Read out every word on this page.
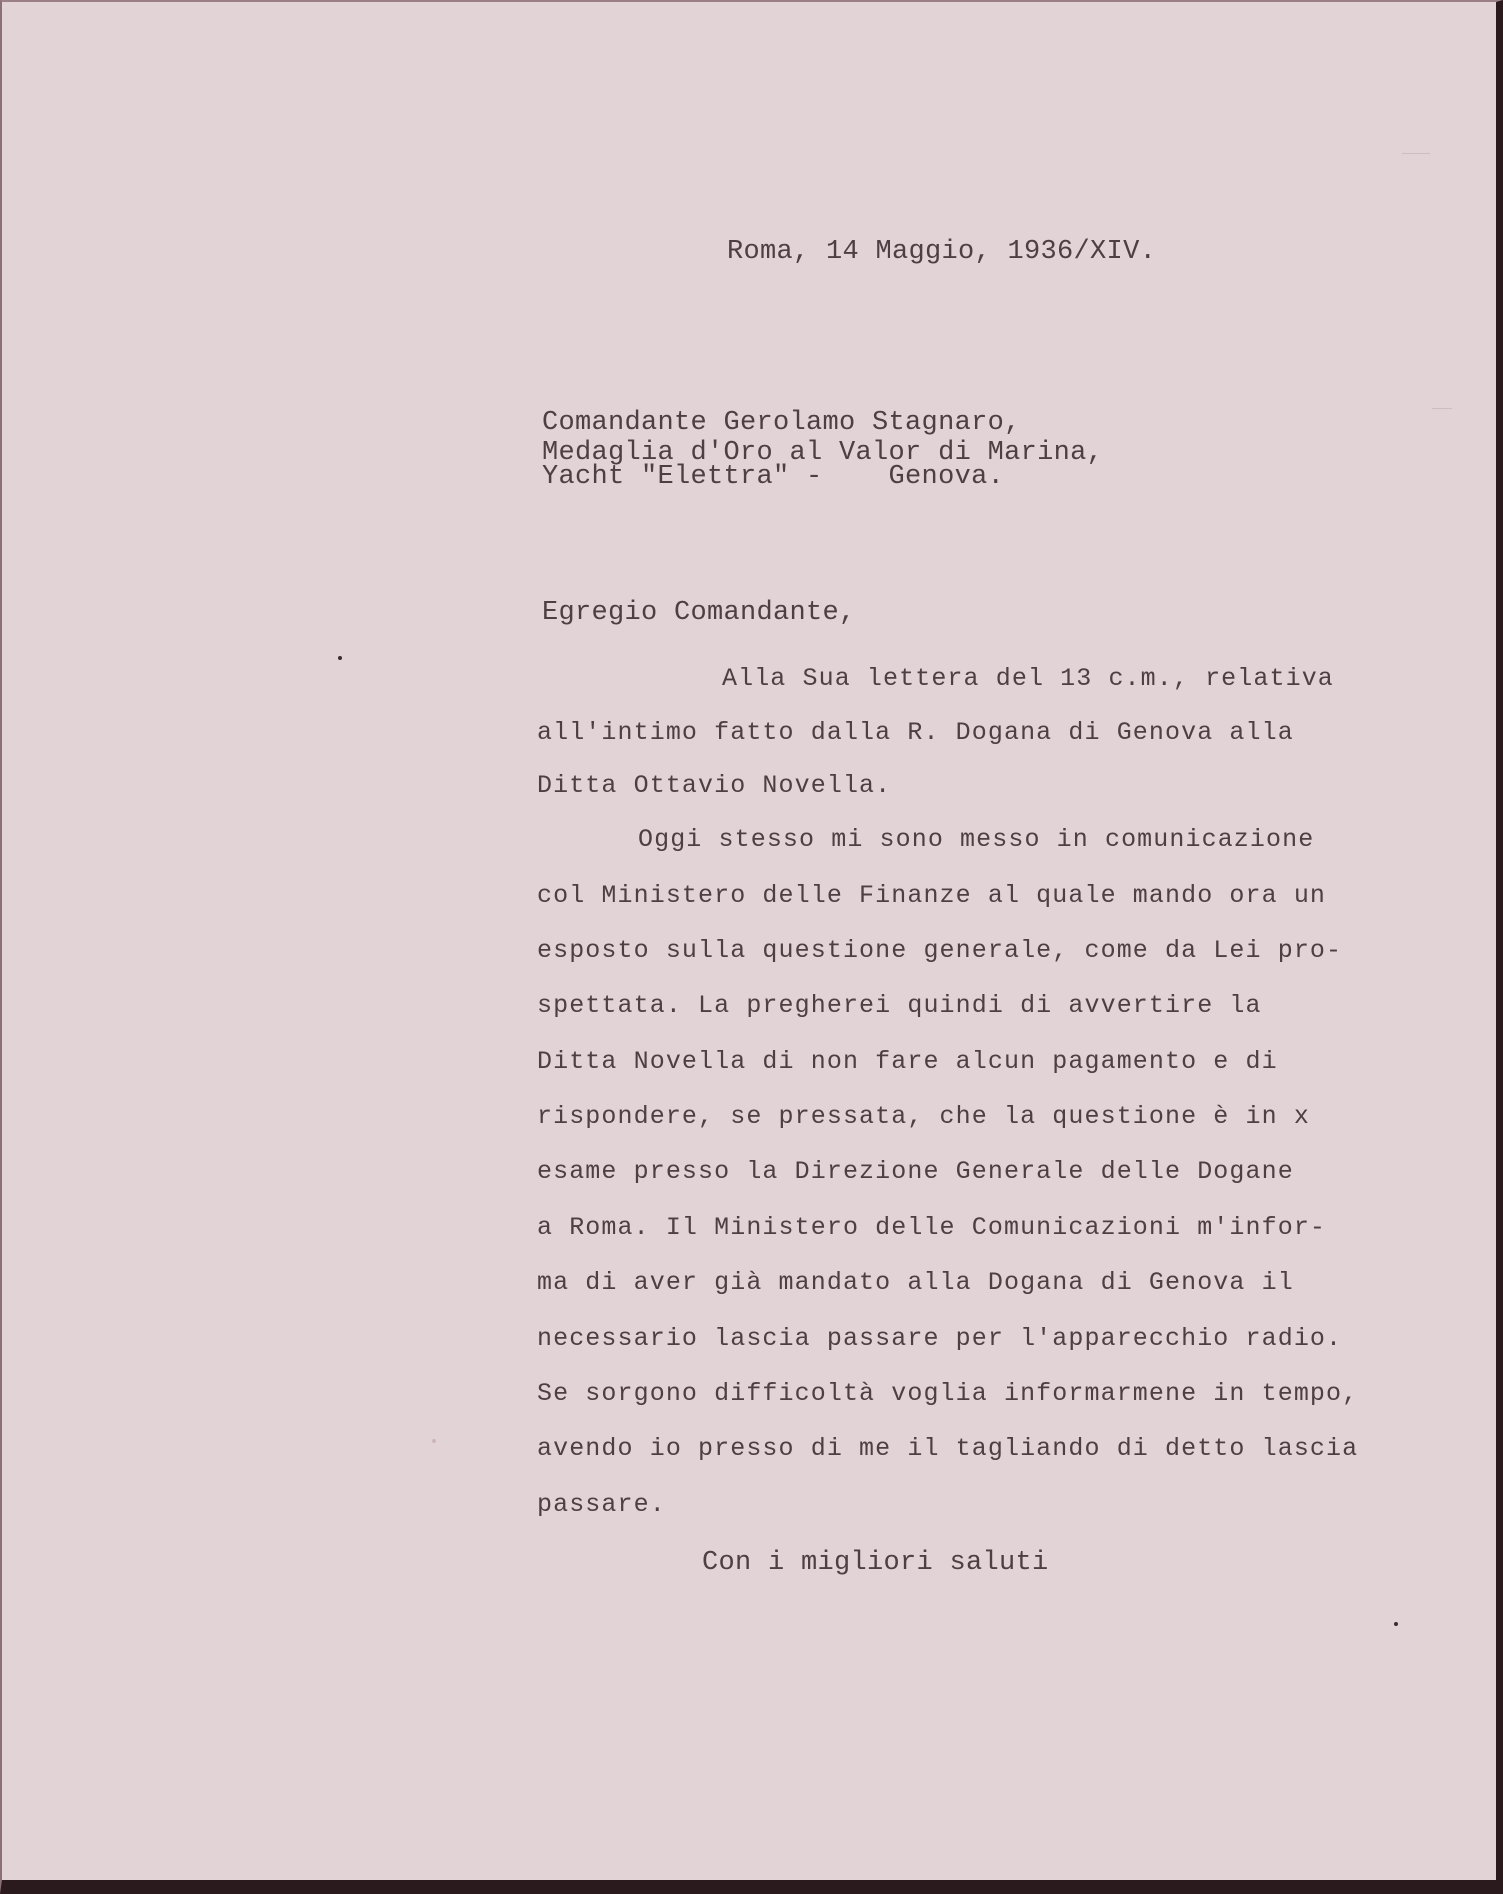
Roma, 14 Maggio, 1936/XIV.
Comandante Gerolamo Stagnaro,
Medaglia d'Oro al Valor di Marina,
Yacht "Elettra" -    Genova.
Egregio Comandante,
Alla Sua lettera del 13 c.m., relativa
all'intimo fatto dalla R. Dogana di Genova alla
Ditta Ottavio Novella.
Oggi stesso mi sono messo in comunicazione
col Ministero delle Finanze al quale mando ora un
esposto sulla questione generale, come da Lei pro-
spettata. La pregherei quindi di avvertire la
Ditta Novella di non fare alcun pagamento e di
rispondere, se pressata, che la questione è in x
esame presso la Direzione Generale delle Dogane
a Roma. Il Ministero delle Comunicazioni m'infor-
ma di aver già mandato alla Dogana di Genova il
necessario lascia passare per l'apparecchio radio.
Se sorgono difficoltà voglia informarmene in tempo,
avendo io presso di me il tagliando di detto lascia
passare.
Con i migliori saluti
